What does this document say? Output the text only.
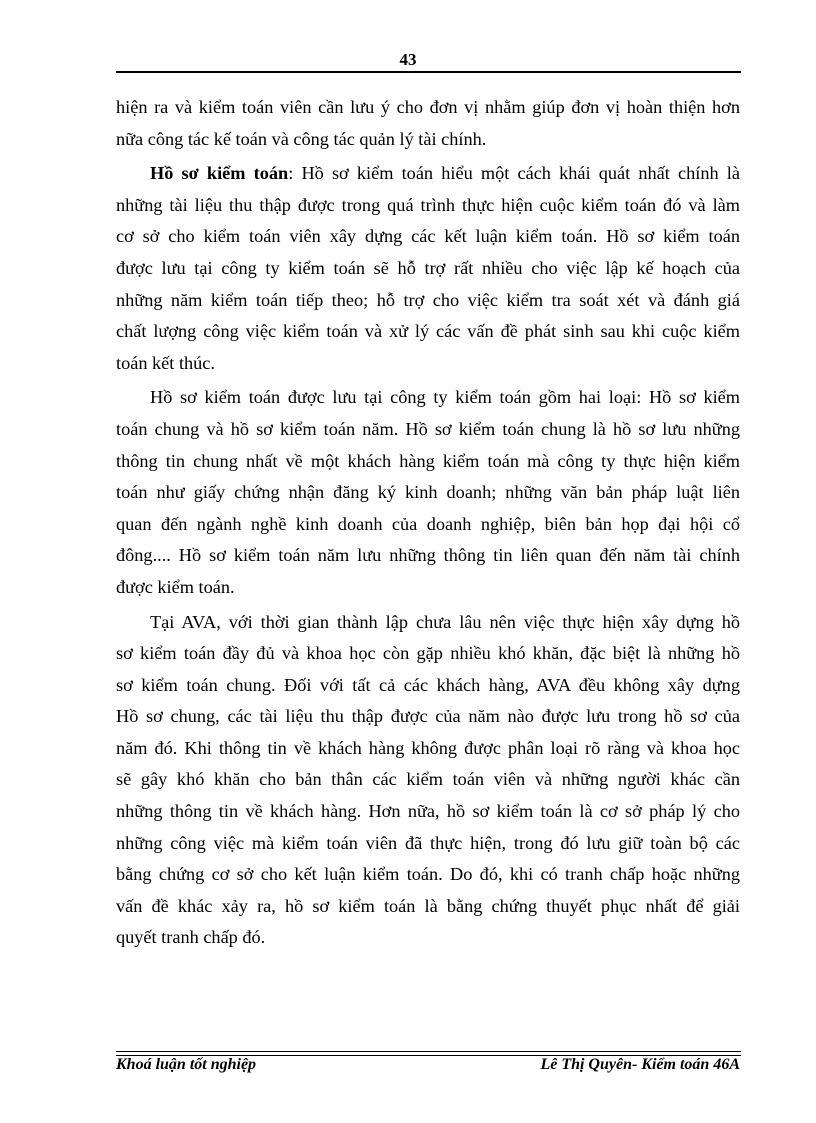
43
hiện ra và kiểm toán viên cần lưu ý cho đơn vị nhằm giúp đơn vị hoàn thiện hơn
nữa công tác kế toán và công tác quản lý tài chính.
Hồ sơ kiểm toán: Hồ sơ kiểm toán hiểu một cách khái quát nhất chính là
những tài liệu thu thập được trong quá trình thực hiện cuộc kiểm toán đó và làm
cơ sở cho kiểm toán viên xây dựng các kết luận kiểm toán. Hồ sơ kiểm toán
được lưu tại công ty kiểm toán sẽ hỗ trợ rất nhiều cho việc lập kế hoạch của
những năm kiểm toán tiếp theo; hỗ trợ cho việc kiểm tra soát xét và đánh giá
chất lượng công việc kiểm toán và xử lý các vấn đề phát sinh sau khi cuộc kiểm
toán kết thúc.
Hồ sơ kiểm toán được lưu tại công ty kiểm toán gồm hai loại: Hồ sơ kiểm
toán chung và hồ sơ kiểm toán năm. Hồ sơ kiểm toán chung là hồ sơ lưu những
thông tin chung nhất về một khách hàng kiểm toán mà công ty thực hiện kiểm
toán như giấy chứng nhận đăng ký kinh doanh; những văn bản pháp luật liên
quan đến ngành nghề kinh doanh của doanh nghiệp, biên bản họp đại hội cổ
đông.... Hồ sơ kiểm toán năm lưu những thông tin liên quan đến năm tài chính
được kiểm toán.
Tại AVA, với thời gian thành lập chưa lâu nên việc thực hiện xây dựng hồ
sơ kiểm toán đầy đủ và khoa học còn gặp nhiều khó khăn, đặc biệt là những hồ
sơ kiểm toán chung. Đối với tất cả các khách hàng, AVA đều không xây dựng
Hồ sơ chung, các tài liệu thu thập được của năm nào được lưu trong hồ sơ của
năm đó. Khi thông tin về khách hàng không được phân loại rõ ràng và khoa học
sẽ gây khó khăn cho bản thân các kiểm toán viên và những người khác cần
những thông tin về khách hàng. Hơn nữa, hồ sơ kiểm toán là cơ sở pháp lý cho
những công việc mà kiểm toán viên đã thực hiện, trong đó lưu giữ toàn bộ các
bằng chứng cơ sở cho kết luận kiểm toán. Do đó, khi có tranh chấp hoặc những
vấn đề khác xảy ra, hồ sơ kiểm toán là bằng chứng thuyết phục nhất để giải
quyết tranh chấp đó.
Khoá luận tốt nghiệp	Lê Thị Quyên- Kiểm toán 46A
